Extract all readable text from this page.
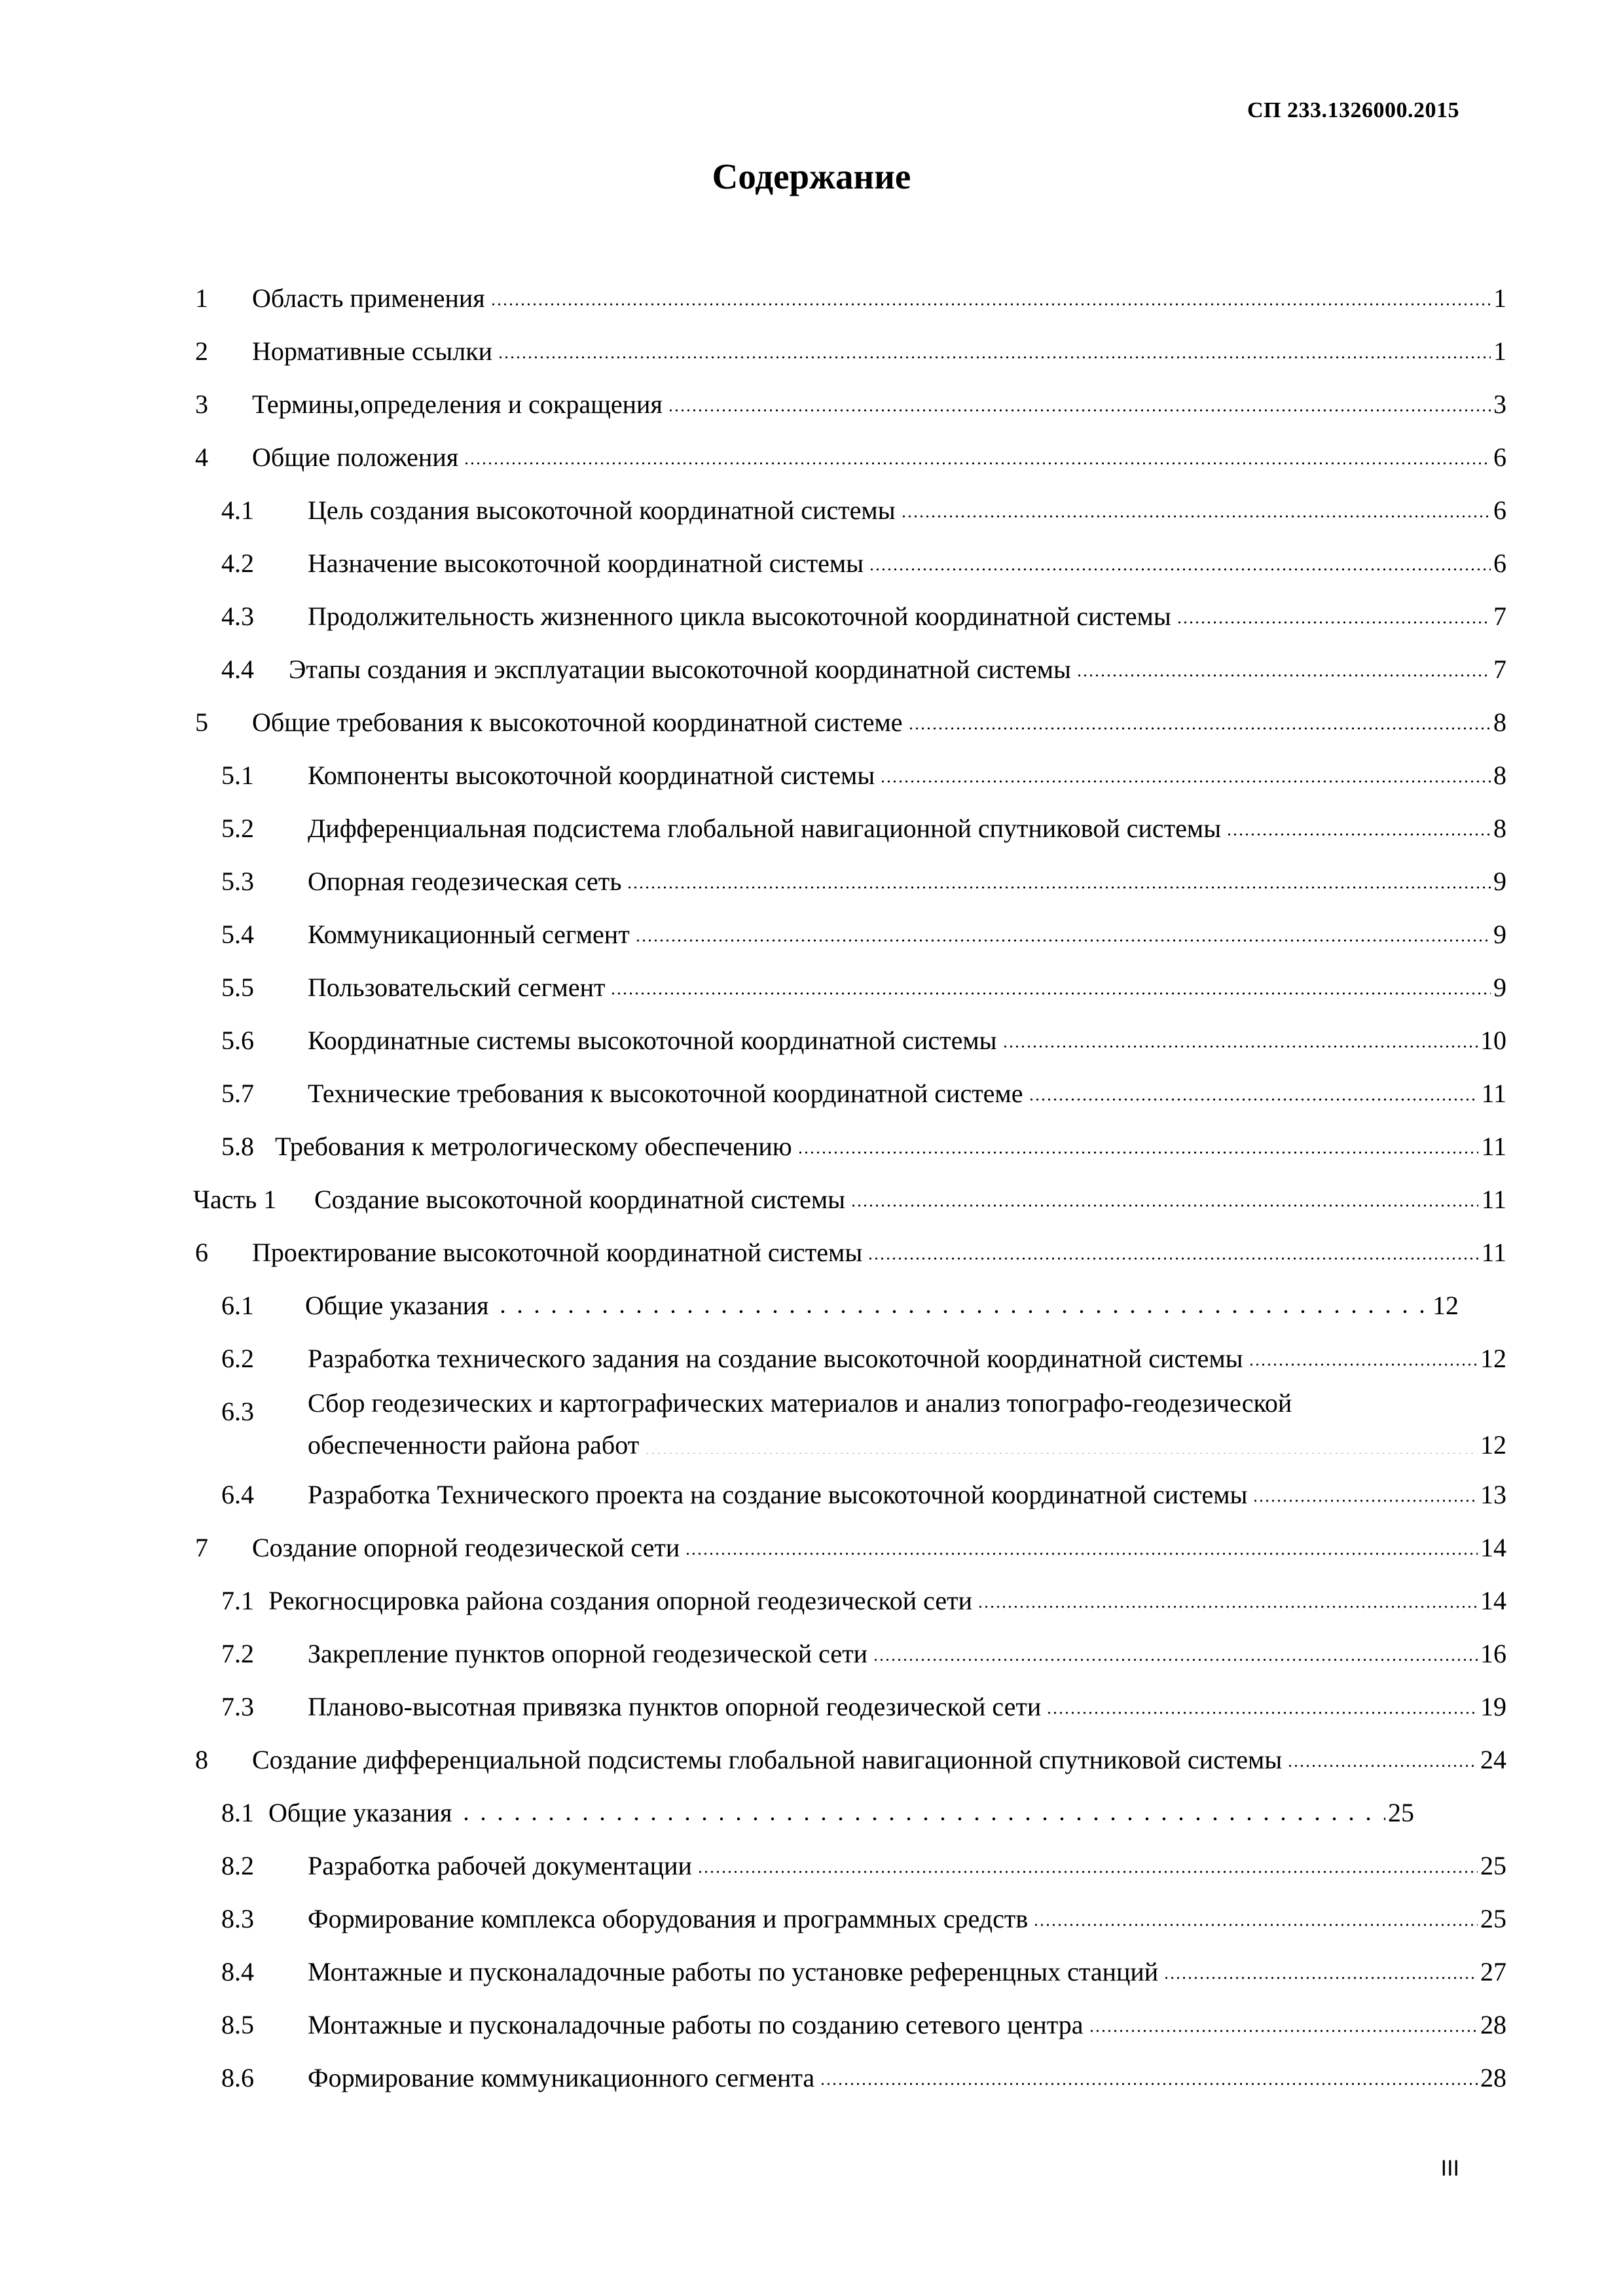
СП 233.1326000.2015
Содержание
1 Область применения	1
2 Нормативные ссылки	1
3 Термины,определения и сокращения	3
4 Общие положения	6
4.1 Цель создания высокоточной координатной системы	6
4.2 Назначение высокоточной координатной системы	6
4.3 Продолжительность жизненного цикла высокоточной координатной системы	7
4.4 Этапы создания и эксплуатации высокоточной координатной системы	7
5 Общие требования к высокоточной координатной системе	8
5.1 Компоненты высокоточной координатной системы	8
5.2 Дифференциальная подсистема глобальной навигационной спутниковой системы	8
5.3 Опорная геодезическая сеть	9
5.4 Коммуникационный сегмент	9
5.5 Пользовательский сегмент	9
5.6 Координатные системы высокоточной координатной системы	10
5.7 Технические требования к высокоточной координатной системе	11
5.8 Требования к метрологическому обеспечению	11
Часть 1 Создание высокоточной координатной системы	11
6 Проектирование высокоточной координатной системы	11
6.1 Общие указания	12
6.2 Разработка технического задания на создание высокоточной координатной системы	12
6.3 Сбор геодезических и картографических материалов и анализ топографо-геодезической
обеспеченности района работ	12
6.4 Разработка Технического проекта на создание высокоточной координатной системы	13
7 Создание опорной геодезической сети	14
7.1 Рекогносцировка района создания опорной геодезической сети	14
7.2 Закрепление пунктов опорной геодезической сети	16
7.3 Планово-высотная привязка пунктов опорной геодезической сети	19
8 Создание дифференциальной подсистемы глобальной навигационной спутниковой системы	24
8.1 Общие указания	25
8.2 Разработка рабочей документации	25
8.3 Формирование комплекса оборудования и программных средств	25
8.4 Монтажные и пусконаладочные работы по установке референцных станций	27
8.5 Монтажные и пусконаладочные работы по созданию сетевого центра	28
8.6 Формирование коммуникационного сегмента	28
III
